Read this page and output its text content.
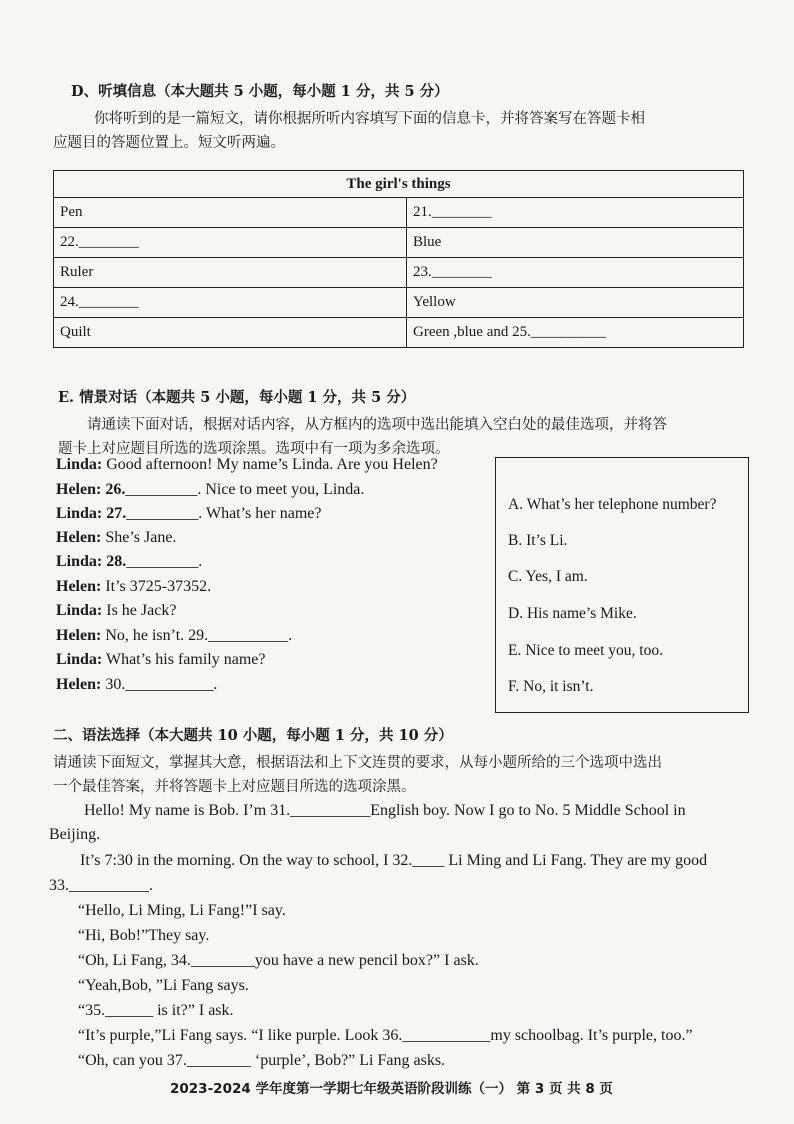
D、听填信息（本大题共 5 小题，每小题 1 分，共 5 分）
你将听到的是一篇短文，请你根据所听内容填写下面的信息卡，并将答案写在答题卡相
应题目的答题位置上。短文听两遍。
The girl's things	
Pen	21.________
22.________	Blue
Ruler	23.________
24.________	Yellow
Quilt	Green ,blue and 25.__________
E. 情景对话（本题共 5 小题，每小题 1 分，共 5 分）
请通读下面对话，根据对话内容，从方框内的选项中选出能填入空白处的最佳选项，并将答
题卡上对应题目所选的选项涂黑。选项中有一项为多余选项。
Linda: Good afternoon! My name’s Linda. Are you Helen?
Helen: 26._________. Nice to meet you, Linda.
Linda: 27._________. What’s her name?
Helen: She’s Jane.
Linda: 28._________.
Helen: It’s 3725-37352.
Linda: Is he Jack?
Helen: No, he isn’t. 29.__________.
Linda: What’s his family name?
Helen: 30.___________.
A. What’s her telephone number?
B. It’s Li.
C. Yes, I am.
D. His name’s Mike.
E. Nice to meet you, too.
F. No, it isn’t.
二、语法选择（本大题共 10 小题，每小题 1 分，共 10 分）
请通读下面短文，掌握其大意，根据语法和上下文连贯的要求，从每小题所给的三个选项中选出
一个最佳答案，并将答题卡上对应题目所选的选项涂黑。
Hello! My name is Bob. I’m 31.__________English boy. Now I go to No. 5 Middle School in
Beijing.
It’s 7:30 in the morning. On the way to school, I 32.____ Li Ming and Li Fang. They are my good
33.__________.
“Hello, Li Ming, Li Fang!”I say.
“Hi, Bob!”They say.
“Oh, Li Fang, 34.________you have a new pencil box?” I ask.
“Yeah,Bob, ”Li Fang says.
“35.______ is it?” I ask.
“It’s purple,”Li Fang says. “I like purple. Look 36.___________my schoolbag. It’s purple, too.”
“Oh, can you 37.________ ‘purple’, Bob?” Li Fang asks.
2023-2024 学年度第一学期七年级英语阶段训练（一） 第 3 页 共 8 页
